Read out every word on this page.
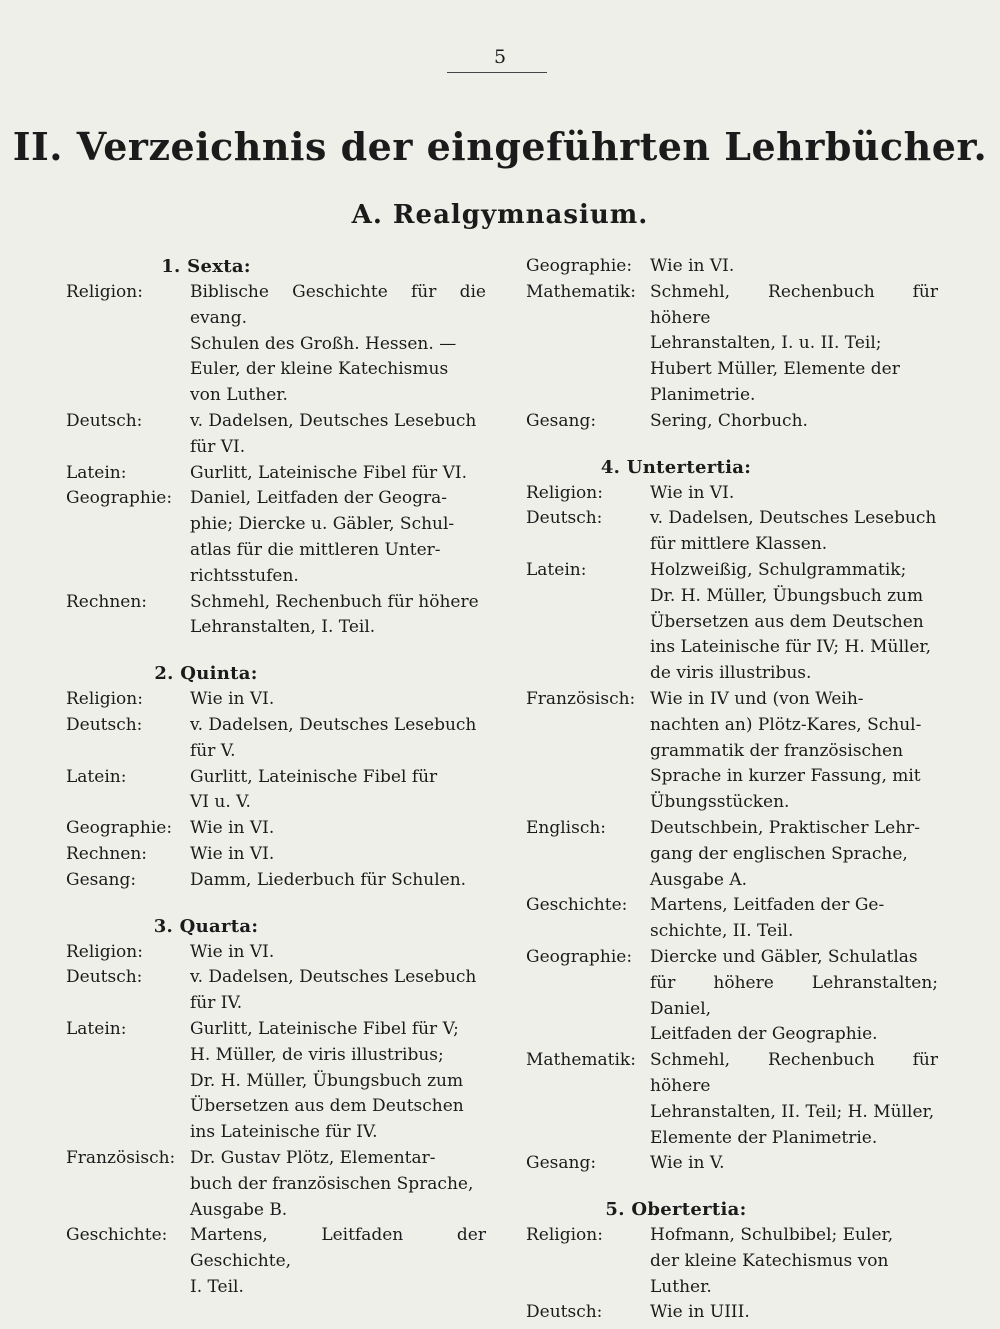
5
II. Verzeichnis der eingeführten Lehrbücher.
A. Realgymnasium.
1. Sexta:
Religion:	Biblische Geschichte für die evang.
Schulen des Großh. Hessen. —
Euler, der kleine Katechismus
von Luther.
Deutsch:	v. Dadelsen, Deutsches Lesebuch
für VI.
Latein:	Gurlitt, Lateinische Fibel für VI.
Geographie:	Daniel, Leitfaden der Geogra-
phie; Diercke u. Gäbler, Schul-
atlas für die mittleren Unter-
richtsstufen.
Rechnen:	Schmehl, Rechenbuch für höhere
Lehranstalten, I. Teil.
2. Quinta:
Religion:	Wie in VI.
Deutsch:	v. Dadelsen, Deutsches Lesebuch
für V.
Latein:	Gurlitt, Lateinische Fibel für
VI u. V.
Geographie:	Wie in VI.
Rechnen:	Wie in VI.
Gesang:	Damm, Liederbuch für Schulen.
3. Quarta:
Religion:	Wie in VI.
Deutsch:	v. Dadelsen, Deutsches Lesebuch
für IV.
Latein:	Gurlitt, Lateinische Fibel für V;
H. Müller, de viris illustribus;
Dr. H. Müller, Übungsbuch zum
Übersetzen aus dem Deutschen
ins Lateinische für IV.
Französisch: Dr. Gustav Plötz, Elementar-
buch der französischen Sprache,
Ausgabe B.
Geschichte:	Martens, Leitfaden der Geschichte,
I. Teil.
Geographie:	Wie in VI.
Mathematik: Schmehl, Rechenbuch für höhere
Lehranstalten, I. u. II. Teil;
Hubert Müller, Elemente der
Planimetrie.
Gesang:	Sering, Chorbuch.
4. Untertertia:
Religion:	Wie in VI.
Deutsch:	v. Dadelsen, Deutsches Lesebuch
für mittlere Klassen.
Latein:	Holzweißig, Schulgrammatik;
Dr. H. Müller, Übungsbuch zum
Übersetzen aus dem Deutschen
ins Lateinische für IV; H. Müller,
de viris illustribus.
Französisch: Wie in IV und (von Weih-
nachten an) Plötz-Kares, Schul-
grammatik der französischen
Sprache in kurzer Fassung, mit
Übungsstücken.
Englisch:	Deutschbein, Praktischer Lehr-
gang der englischen Sprache,
Ausgabe A.
Geschichte:	Martens, Leitfaden der Ge-
schichte, II. Teil.
Geographie:	Diercke und Gäbler, Schulatlas
für höhere Lehranstalten; Daniel,
Leitfaden der Geographie.
Mathematik: Schmehl, Rechenbuch für höhere
Lehranstalten, II. Teil; H. Müller,
Elemente der Planimetrie.
Gesang:	Wie in V.
5. Obertertia:
Religion:	Hofmann, Schulbibel; Euler,
der kleine Katechismus von
Luther.
Deutsch:	Wie in UIII.
